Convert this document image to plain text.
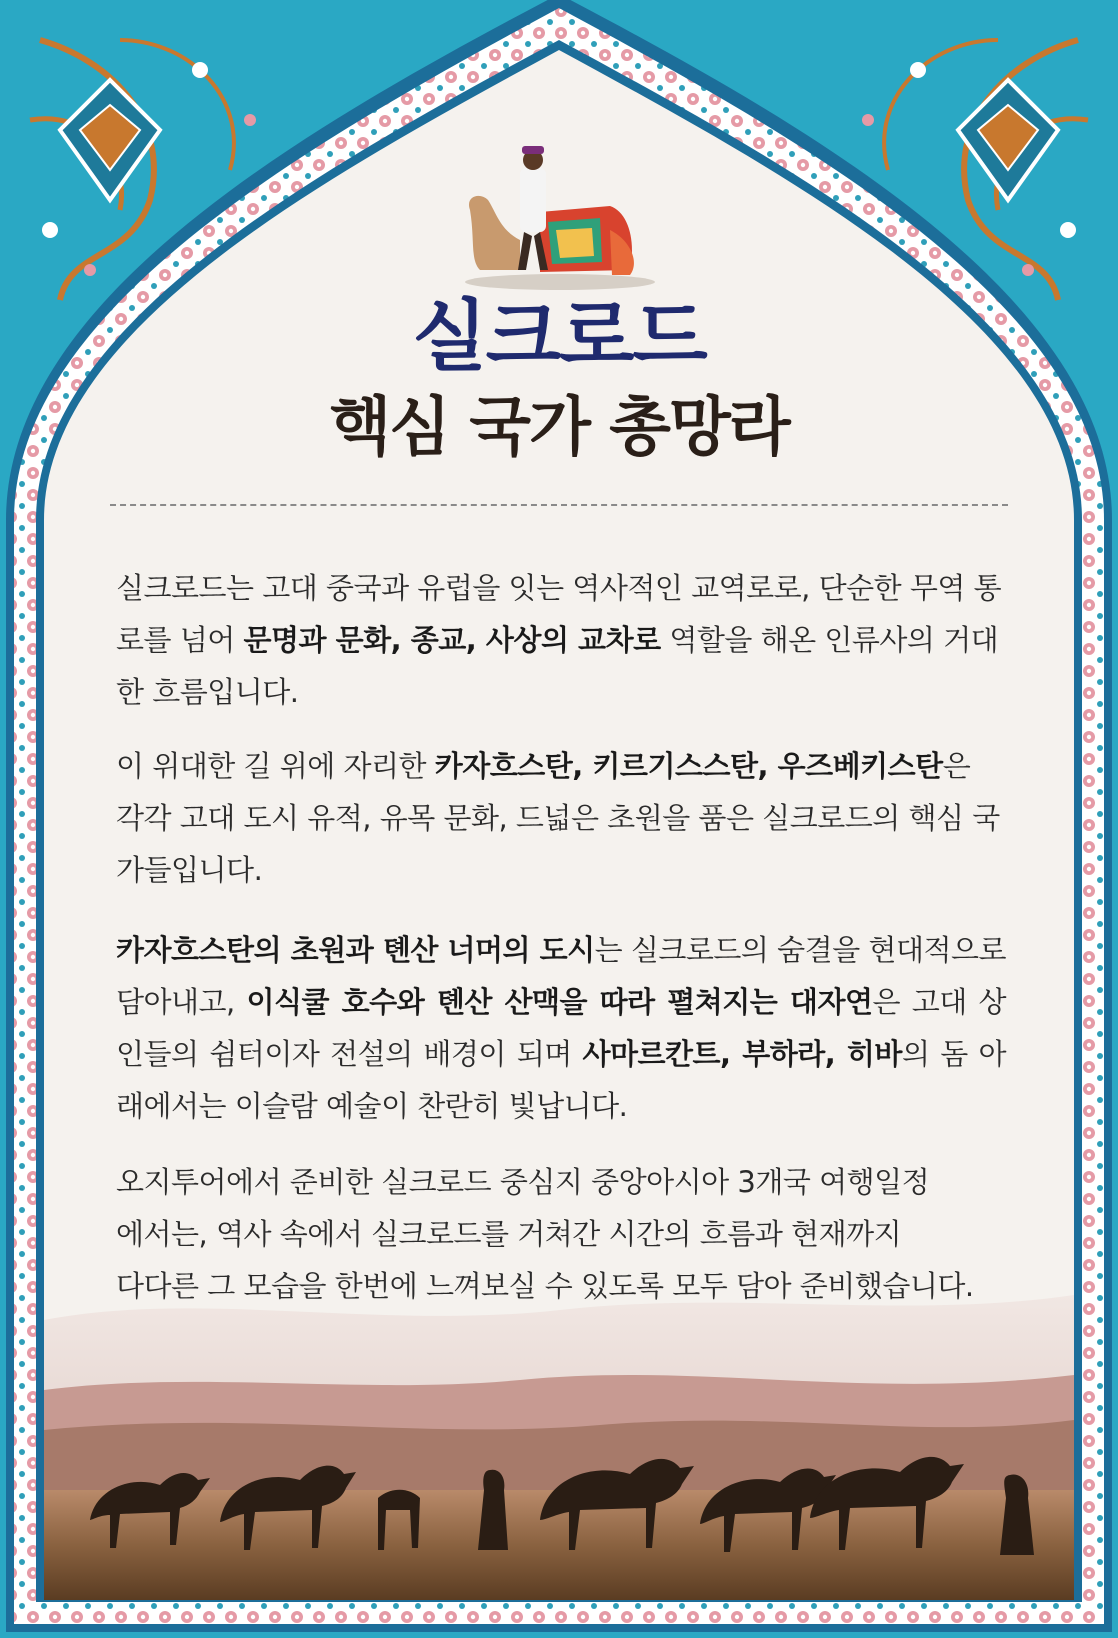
실크로드
핵심 국가 총망라
실크로드는 고대 중국과 유럽을 잇는 역사적인 교역로로, 단순한 무역 통로를 넘어 문명과 문화, 종교, 사상의 교차로 역할을 해온 인류사의 거대한 흐름입니다.
이 위대한 길 위에 자리한 카자흐스탄, 키르기스스탄, 우즈베키스탄은 각각 고대 도시 유적, 유목 문화, 드넓은 초원을 품은 실크로드의 핵심 국가들입니다.
카자흐스탄의 초원과 톈산 너머의 도시는 실크로드의 숨결을 현대적으로 담아내고, 이식쿨 호수와 톈산 산맥을 따라 펼쳐지는 대자연은 고대 상인들의 쉼터이자 전설의 배경이 되며 사마르칸트, 부하라, 히바의 돔 아래에서는 이슬람 예술이 찬란히 빛납니다.
오지투어에서 준비한 실크로드 중심지 중앙아시아 3개국 여행일정
에서는, 역사 속에서 실크로드를 거쳐간 시간의 흐름과 현재까지
다다른 그 모습을 한번에 느껴보실 수 있도록 모두 담아 준비했습니다.
